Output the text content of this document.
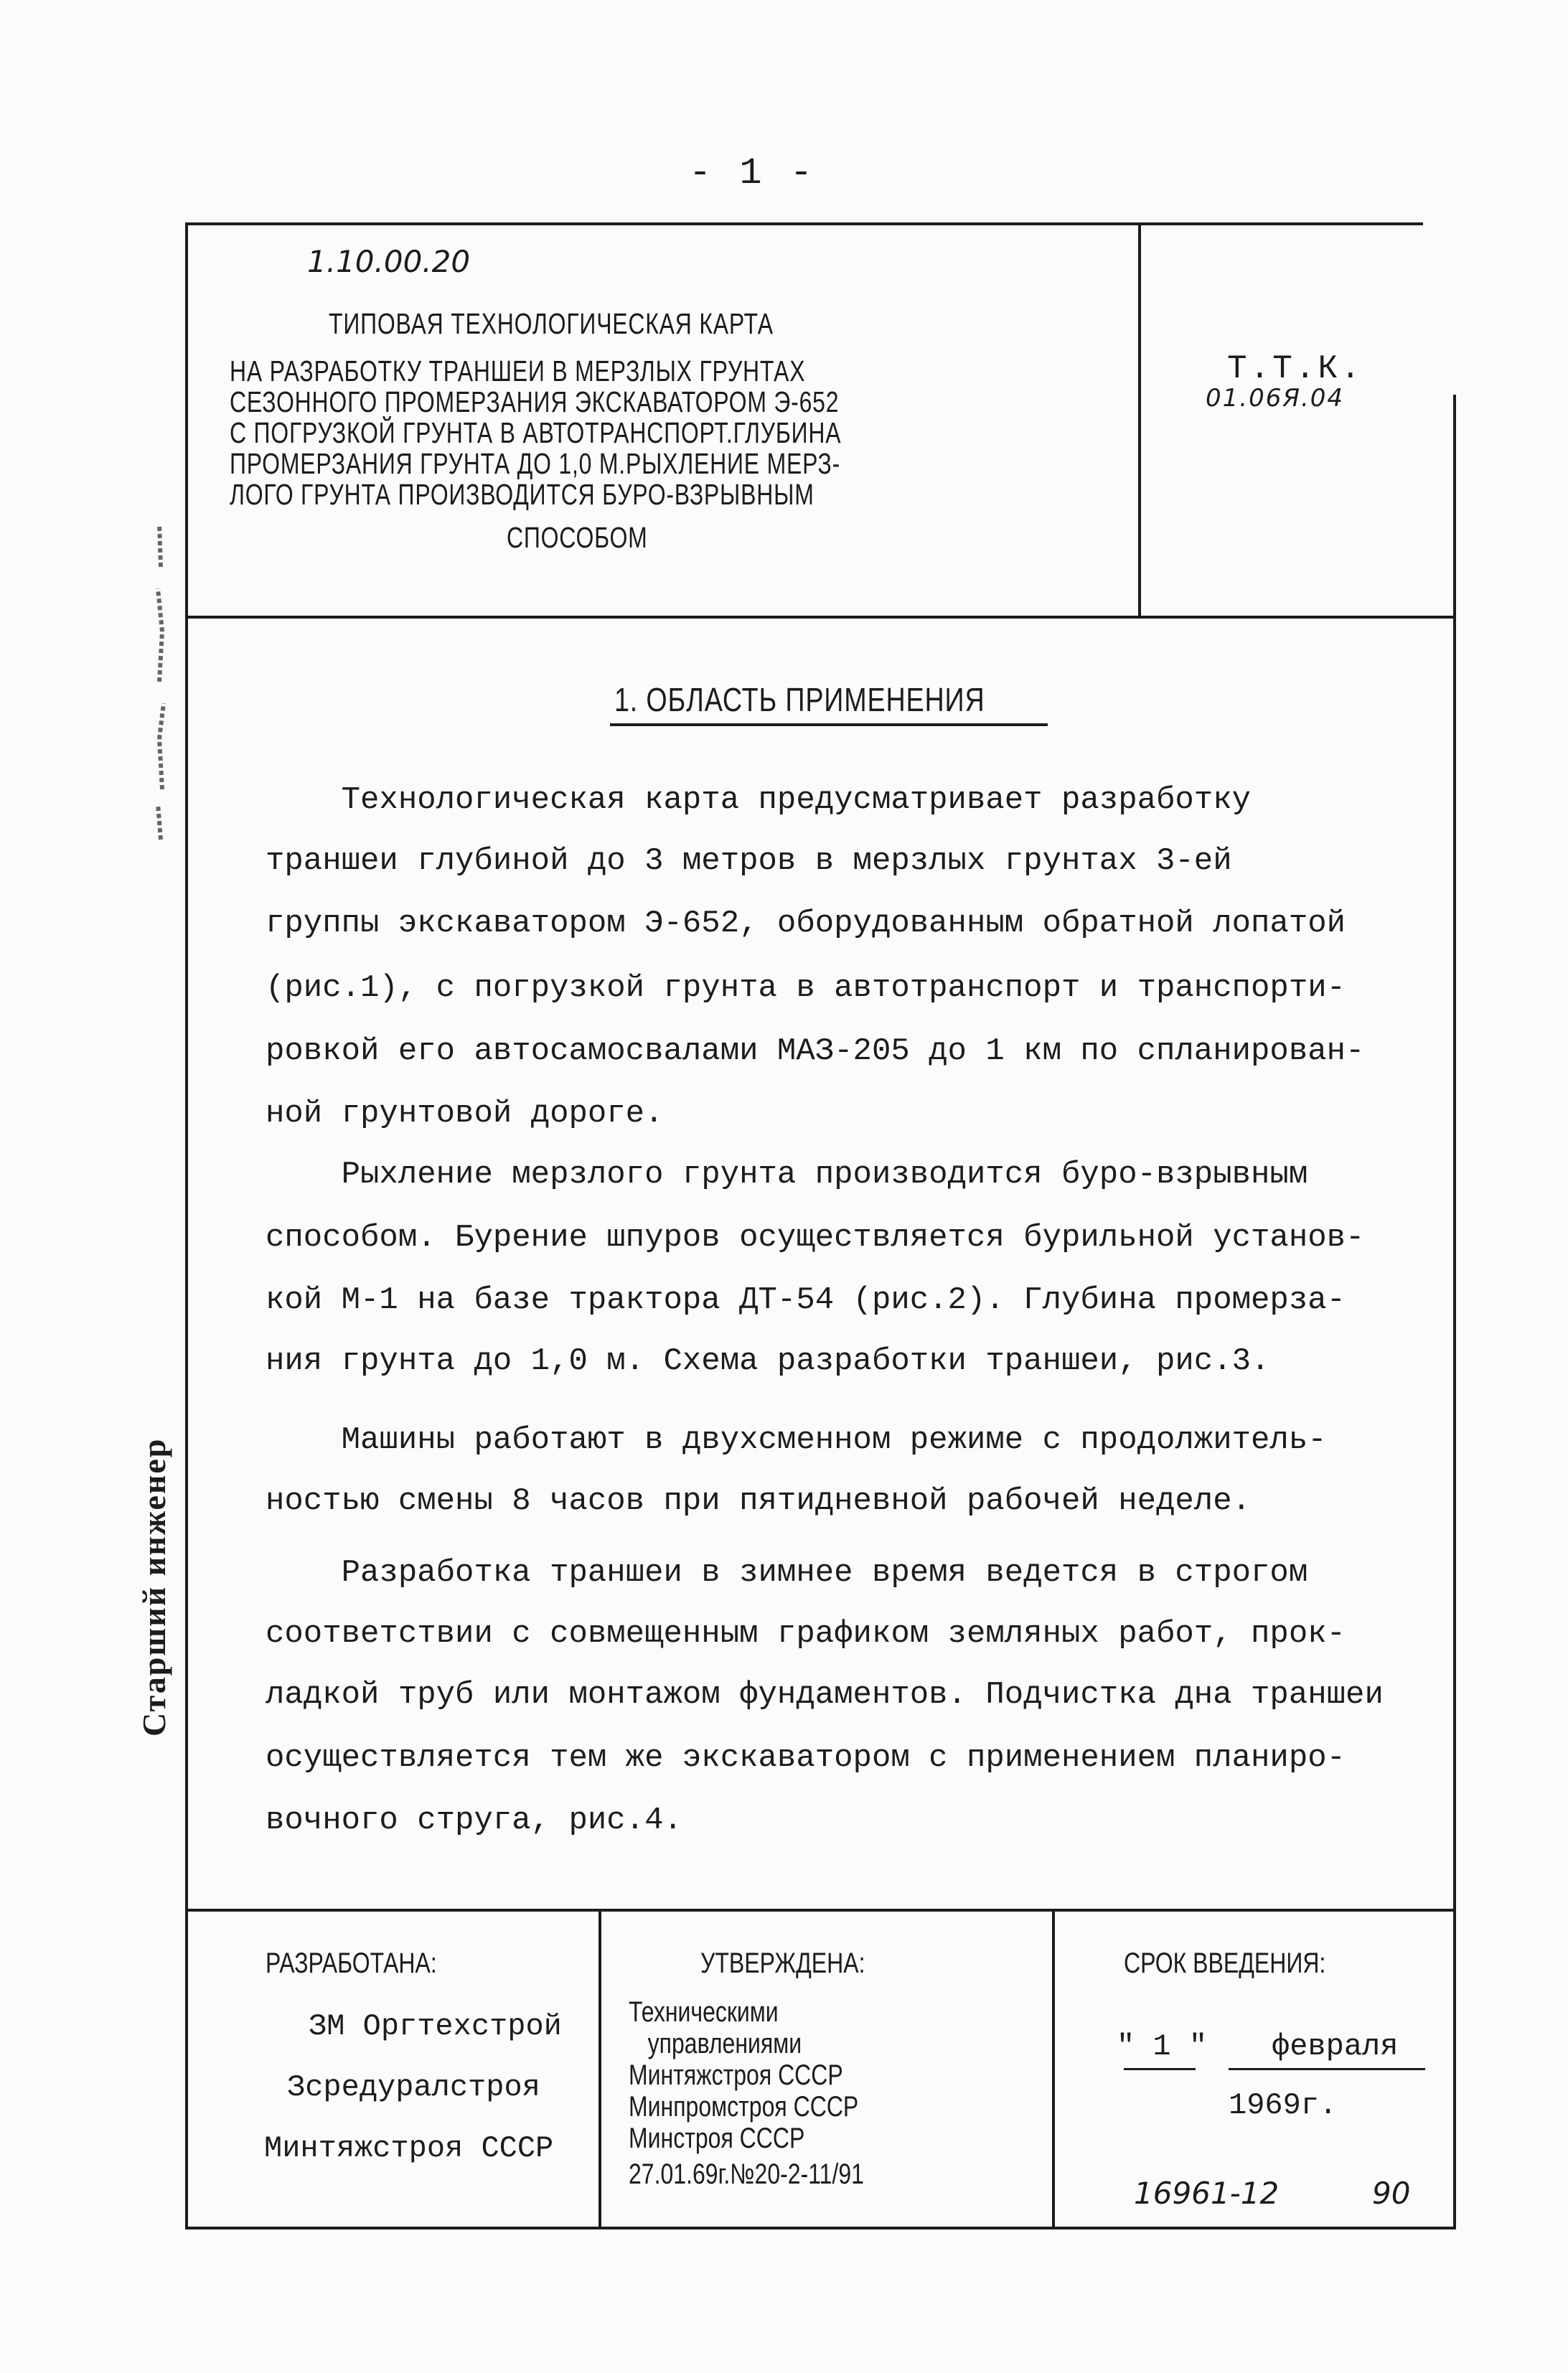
- 1 -
1.10.00.20
ТИПОВАЯ ТЕХНОЛОГИЧЕСКАЯ КАРТА
НА РАЗРАБОТКУ ТРАНШЕИ В МЕРЗЛЫХ ГРУНТАХ
СЕЗОННОГО ПРОМЕРЗАНИЯ ЭКСКАВАТОРОМ Э-652
С ПОГРУЗКОЙ ГРУНТА В АВТОТРАНСПОРТ.ГЛУБИНА
ПРОМЕРЗАНИЯ ГРУНТА ДО 1,0 М.РЫХЛЕНИЕ МЕРЗ-
ЛОГО ГРУНТА ПРОИЗВОДИТСЯ БУРО-ВЗРЫВНЫМ
СПОСОБОМ
Т.Т.К.
01.06Я.04
1. ОБЛАСТЬ ПРИМЕНЕНИЯ
Технологическая карта предусматривает разработку
траншеи глубиной до 3 метров в мерзлых грунтах 3-ей
группы экскаватором Э-652, оборудованным обратной лопатой
(рис.1), с погрузкой грунта в автотранспорт и транспорти-
ровкой его автосамосвалами МАЗ-205 до 1 км по спланирован-
ной грунтовой дороге.
Рыхление мерзлого грунта производится буро-взрывным
способом. Бурение шпуров осуществляется бурильной установ-
кой М-1 на базе трактора ДТ-54 (рис.2). Глубина промерза-
ния грунта до 1,0 м. Схема разработки траншеи, рис.3.
Машины работают в двухсменном режиме с продолжитель-
ностью смены 8 часов при пятидневной рабочей неделе.
Разработка траншеи в зимнее время ведется в строгом
соответствии с совмещенным графиком земляных работ, прок-
ладкой труб или монтажом фундаментов. Подчистка дна траншеи
осуществляется тем же экскаватором с применением планиро-
вочного струга, рис.4.
Старший инженер
РАЗРАБОТАНА:
ЗМ Оргтехстрой
Зсредуралстроя
Минтяжстроя СССР
УТВЕРЖДЕНА:
Техническими
управлениями
Минтяжстроя СССР
Минпромстроя СССР
Минстроя СССР
27.01.69г.№20-2-11/91
СРОК ВВЕДЕНИЯ:
" 1 " февраля
1969г.
16961-12	90
